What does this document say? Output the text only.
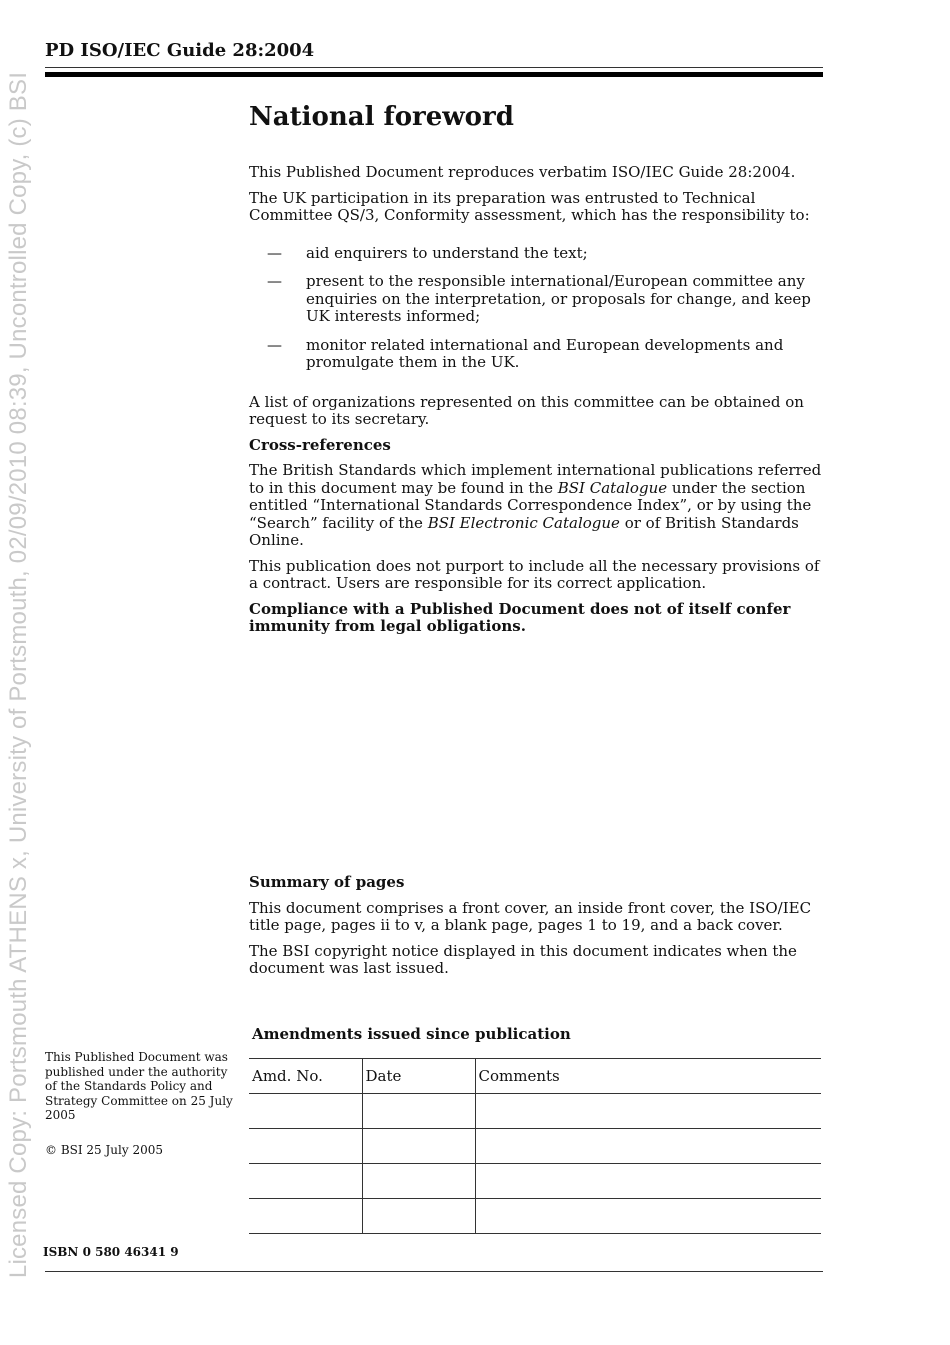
Licensed Copy: Portsmouth ATHENS x, University of Portsmouth, 02/09/2010 08:39, Uncontrolled Copy, (c) BSI
PD ISO/IEC Guide 28:2004
National foreword

This Published Document reproduces verbatim ISO/IEC Guide 28:2004.

The UK participation in its preparation was entrusted to Technical Committee QS/3, Conformity assessment, which has the responsibility to:

— aid enquirers to understand the text;
— present to the responsible international/European committee any enquiries on the interpretation, or proposals for change, and keep UK interests informed;
— monitor related international and European developments and promulgate them in the UK.

A list of organizations represented on this committee can be obtained on request to its secretary.

Cross-references

The British Standards which implement international publications referred to in this document may be found in the BSI Catalogue under the section entitled “International Standards Correspondence Index”, or by using the “Search” facility of the BSI Electronic Catalogue or of British Standards Online.

This publication does not purport to include all the necessary provisions of a contract. Users are responsible for its correct application.

Compliance with a Published Document does not of itself confer immunity from legal obligations.

Summary of pages

This document comprises a front cover, an inside front cover, the ISO/IEC title page, pages ii to v, a blank page, pages 1 to 19, and a back cover.

The BSI copyright notice displayed in this document indicates when the document was last issued.

This Published Document was published under the authority of the Standards Policy and Strategy Committee on 25 July 2005
© BSI 25 July 2005
Amendments issued since publication
Amd. No.	Date	Comments

ISBN 0 580 46341 9
